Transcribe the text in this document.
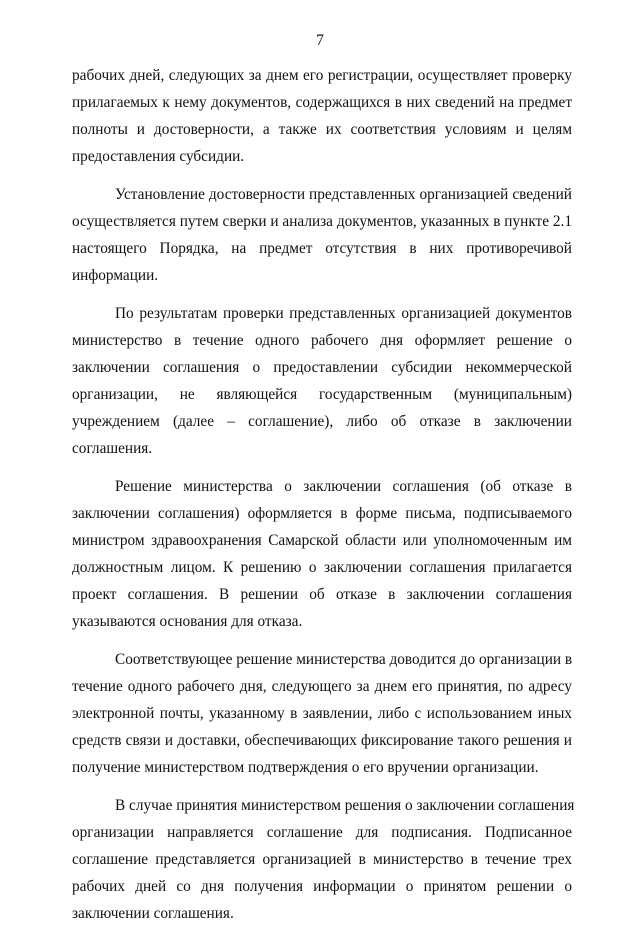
7
рабочих дней, следующих за днем его регистрации, осуществляет проверку
прилагаемых к нему документов, содержащихся в них сведений на предмет
полноты и достоверности, а также их соответствия условиям и целям
предоставления субсидии.
Установление достоверности представленных организацией сведений
осуществляется путем сверки и анализа документов, указанных в пункте 2.1
настоящего Порядка, на предмет отсутствия в них противоречивой
информации.
По результатам проверки представленных организацией документов
министерство в течение одного рабочего дня оформляет решение о
заключении соглашения о предоставлении субсидии некоммерческой
организации, не являющейся государственным (муниципальным)
учреждением (далее – соглашение), либо об отказе в заключении
соглашения.
Решение министерства о заключении соглашения (об отказе в
заключении соглашения) оформляется в форме письма, подписываемого
министром здравоохранения Самарской области или уполномоченным им
должностным лицом. К решению о заключении соглашения прилагается
проект соглашения. В решении об отказе в заключении соглашения
указываются основания для отказа.
Соответствующее решение министерства доводится до организации в
течение одного рабочего дня, следующего за днем его принятия, по адресу
электронной почты, указанному в заявлении, либо с использованием иных
средств связи и доставки, обеспечивающих фиксирование такого решения и
получение министерством подтверждения о его вручении организации.
В случае принятия министерством решения о заключении соглашения
организации направляется соглашение для подписания. Подписанное
соглашение представляется организацией в министерство в течение трех
рабочих дней со дня получения информации о принятом решении о
заключении соглашения.
